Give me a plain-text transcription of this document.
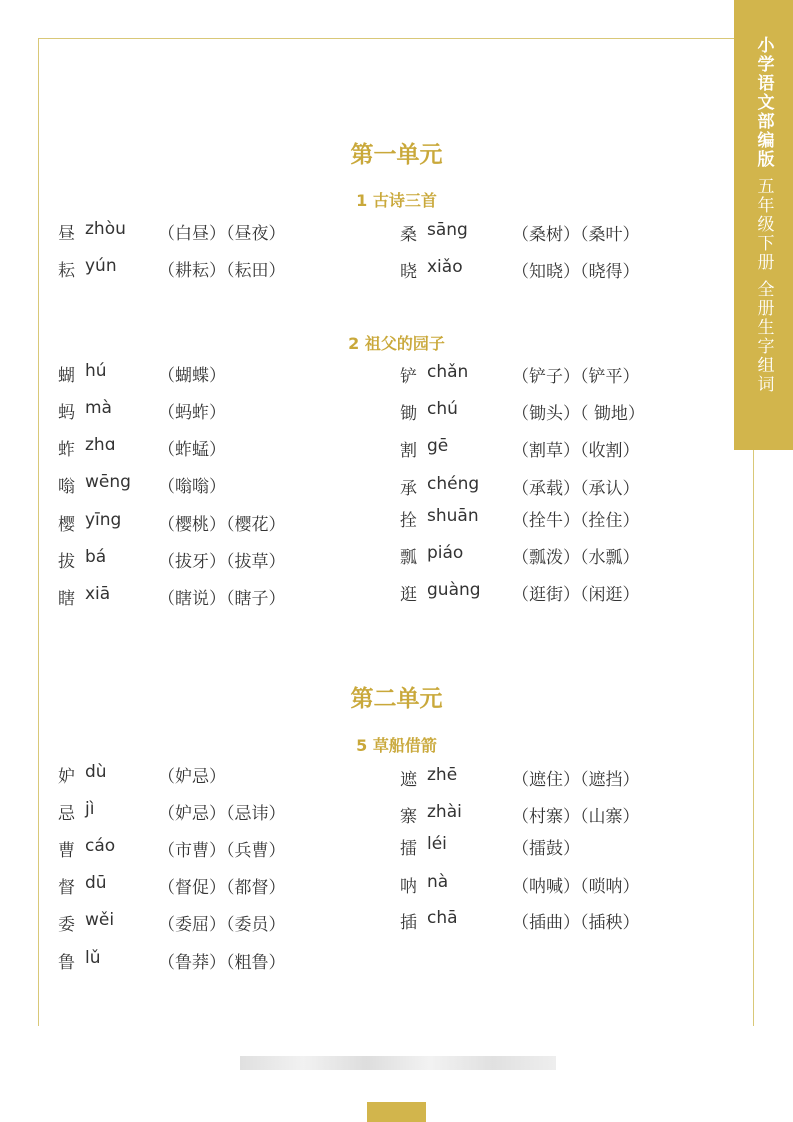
小学语文部编版
五年级下册
全册生字组词
第一单元
1 古诗三首
昼 zhòu （白昼）（昼夜）
耘 yún （耕耘）（耘田）
桑 sāng	（桑树）（桑叶）
晓 xiǎo	（知晓）（晓得）
2 祖父的园子
蝴 hú	（蝴蝶）
蚂 mà	（蚂蚱）
蚱 zhɑ	（蚱蜢）
嗡 wēng （嗡嗡）
樱 yīng （樱桃）（樱花）
拔 bá	（拔牙）（拔草）
瞎 xiā	（瞎说）（瞎子）
铲 chǎn	（铲子）（铲平）
锄 chú	（锄头）（ 锄地）
割 gē	（割草）（收割）
承 chéng （承载）（承认）
拴 shuān （拴牛）（拴住）
瓢 piáo	（瓢泼）（水瓢）
逛 guàng （逛街）（闲逛）
第二单元
5 草船借箭
妒 dù	（妒忌）
忌 jì	（妒忌）（忌讳）
曹 cáo	（市曹）（兵曹）
督 dū	（督促）（都督）
委 wěi	（委屈）（委员）
鲁 lǔ	（鲁莽）（粗鲁）
遮 zhē	（遮住）（遮挡）
寨 zhài	（村寨）（山寨）
擂 léi	（擂鼓）
呐 nà	（呐喊）（唢呐）
插 chā	（插曲）（插秧）
